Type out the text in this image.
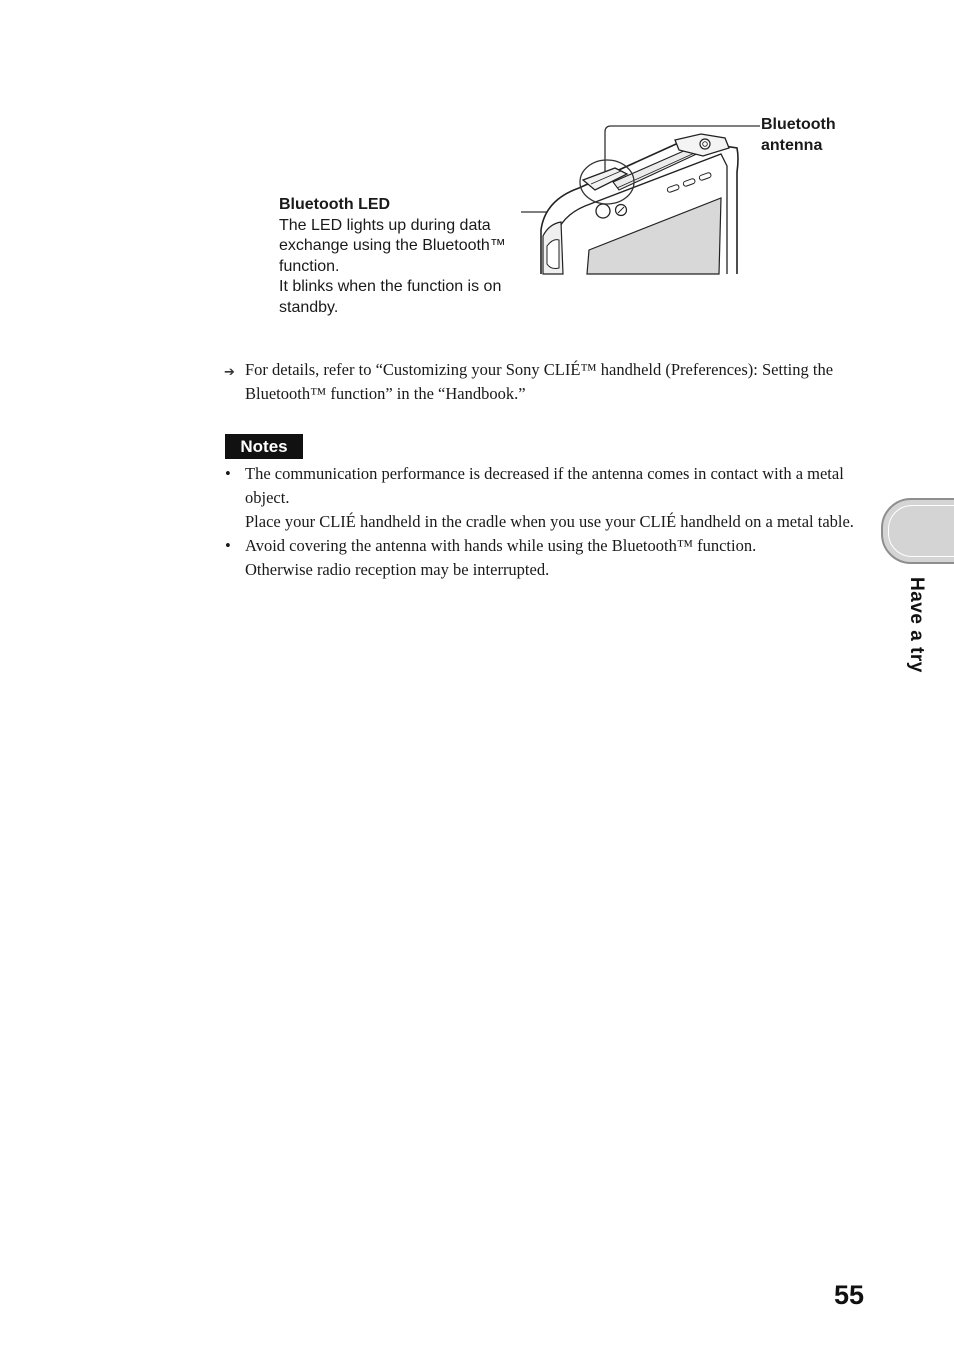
Bluetooth antenna
Bluetooth LED
The LED lights up during data exchange using the Bluetooth™ function.
It blinks when the function is on standby.
➔ For details, refer to “Customizing your Sony CLIÉ™ handheld (Preferences): Setting the Bluetooth™ function” in the “Handbook.”
Notes
• The communication performance is decreased if the antenna comes in contact with a metal object.

Place your CLIÉ handheld in the cradle when you use your CLIÉ handheld on a metal table.

• Avoid covering the antenna with hands while using the Bluetooth™ function.

Otherwise radio reception may be interrupted.

Have a try
55
